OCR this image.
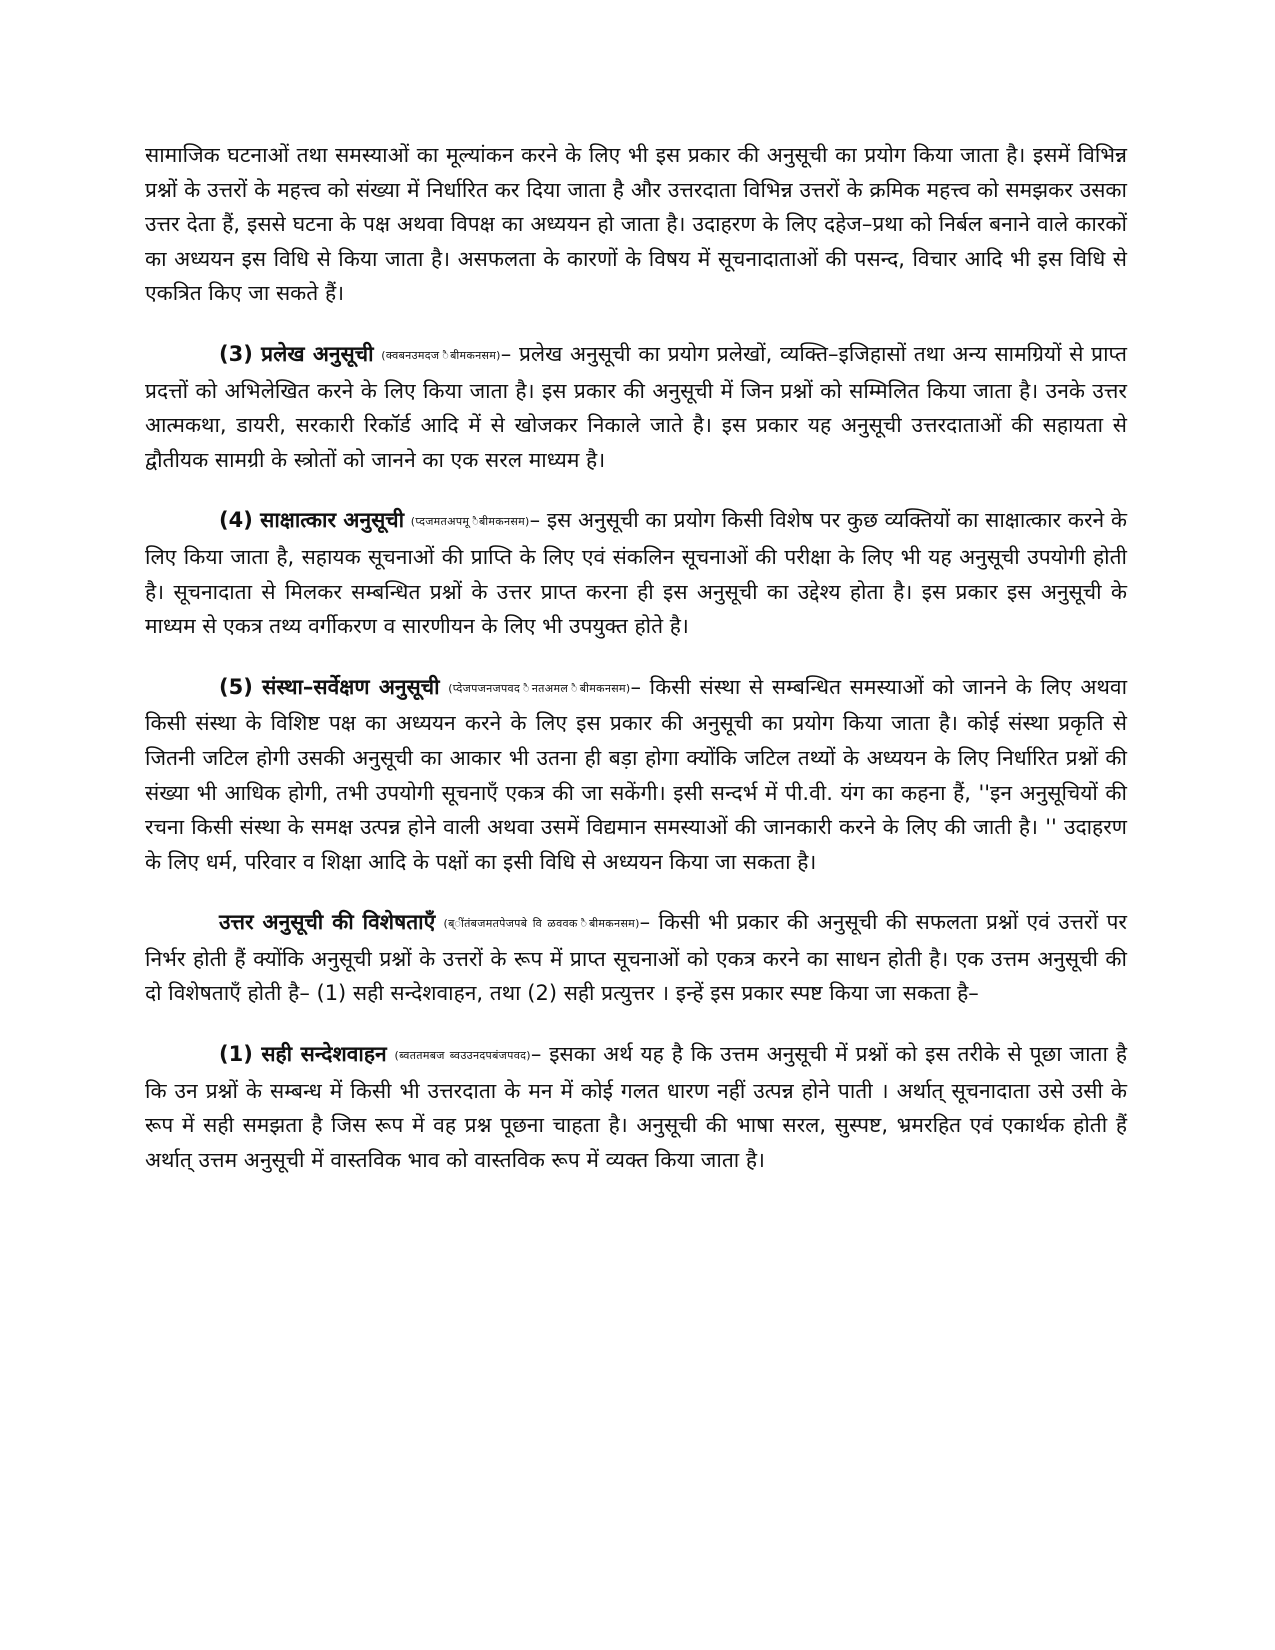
सामाजिक घटनाओं तथा समस्याओं का मूल्यांकन करने के लिए भी इस प्रकार की अनुसूची का प्रयोग किया जाता है। इसमें विभिन्न प्रश्नों के उत्तरों के महत्त्व को संख्या में निर्धारित कर दिया जाता है और उत्तरदाता विभिन्न उत्तरों के क्रमिक महत्त्व को समझकर उसका उत्तर देता हैं, इससे घटना के पक्ष अथवा विपक्ष का अध्ययन हो जाता है। उदाहरण के लिए दहेज–प्रथा को निर्बल बनाने वाले कारकों का अध्ययन इस विधि से किया जाता है। असफलता के कारणों के विषय में सूचनादाताओं की पसन्द, विचार आदि भी इस विधि से एकत्रित किए जा सकते हैं।

(3) प्रलेख अनुसूची (क्वबनउमदज ैबीमकनसम)– प्रलेख अनुसूची का प्रयोग प्रलेखों, व्यक्ति–इजिहासों तथा अन्य सामग्रियों से प्राप्त प्रदत्तों को अभिलेखित करने के लिए किया जाता है। इस प्रकार की अनुसूची में जिन प्रश्नों को सम्मिलित किया जाता है। उनके उत्तर आत्मकथा, डायरी, सरकारी रिकॉर्ड आदि में से खोजकर निकाले जाते है। इस प्रकार यह अनुसूची उत्तरदाताओं की सहायता से द्वौतीयक सामग्री के स्त्रोतों को जानने का एक सरल माध्यम है।

(4) साक्षात्कार अनुसूची (प्दजमतअपमू ैबीमकनसम)– इस अनुसूची का प्रयोग किसी विशेष पर कुछ व्यक्तियों का साक्षात्कार करने के लिए किया जाता है, सहायक सूचनाओं की प्राप्ति के लिए एवं संकलिन सूचनाओं की परीक्षा के लिए भी यह अनुसूची उपयोगी होती है। सूचनादाता से मिलकर सम्बन्धित प्रश्नों के उत्तर प्राप्त करना ही इस अनुसूची का उद्देश्य होता है। इस प्रकार इस अनुसूची के माध्यम से एकत्र तथ्य वर्गीकरण व सारणीयन के लिए भी उपयुक्त होते है।

(5) संस्था–सर्वेक्षण अनुसूची (प्देजपजनजपवद ैनतअमल ैबीमकनसम)– किसी संस्था से सम्बन्धित समस्याओं को जानने के लिए अथवा किसी संस्था के विशिष्ट पक्ष का अध्ययन करने के लिए इस प्रकार की अनुसूची का प्रयोग किया जाता है। कोई संस्था प्रकृति से जितनी जटिल होगी उसकी अनुसूची का आकार भी उतना ही बड़ा होगा क्योंकि जटिल तथ्यों के अध्ययन के लिए निर्धारित प्रश्नों की संख्या भी आधिक होगी, तभी उपयोगी सूचनाएँ एकत्र की जा सकेंगी। इसी सन्दर्भ में पी.वी. यंग का कहना हैं, ''इन अनुसूचियों की रचना किसी संस्था के समक्ष उत्पन्न होने वाली अथवा उसमें विद्यमान समस्याओं की जानकारी करने के लिए की जाती है। '' उदाहरण के लिए धर्म, परिवार व शिक्षा आदि के पक्षों का इसी विधि से अध्ययन किया जा सकता है।

उत्तर अनुसूची की विशेषताएँ (ब्ींतंबजमतपेजपबे वि ळववक ैबीमकनसम)– किसी भी प्रकार की अनुसूची की सफलता प्रश्नों एवं उत्तरों पर निर्भर होती हैं क्योंकि अनुसूची प्रश्नों के उत्तरों के रूप में प्राप्त सूचनाओं को एकत्र करने का साधन होती है। एक उत्तम अनुसूची की दो विशेषताएँ होती है– (1) सही सन्देशवाहन, तथा (2) सही प्रत्युत्तर । इन्हें इस प्रकार स्पष्ट किया जा सकता है–

(1) सही सन्देशवाहन (ब्वततमबज ब्वउउनदपबंजपवद)– इसका अर्थ यह है कि उत्तम अनुसूची में प्रश्नों को इस तरीके से पूछा जाता है कि उन प्रश्नों के सम्बन्ध में किसी भी उत्तरदाता के मन में कोई गलत धारण नहीं उत्पन्न होने पाती । अर्थात् सूचनादाता उसे उसी के रूप में सही समझता है जिस रूप में वह प्रश्न पूछना चाहता है। अनुसूची की भाषा सरल, सुस्पष्ट, भ्रमरहित एवं एकार्थक होती हैं अर्थात् उत्तम अनुसूची में वास्तविक भाव को वास्तविक रूप में व्यक्त किया जाता है।
